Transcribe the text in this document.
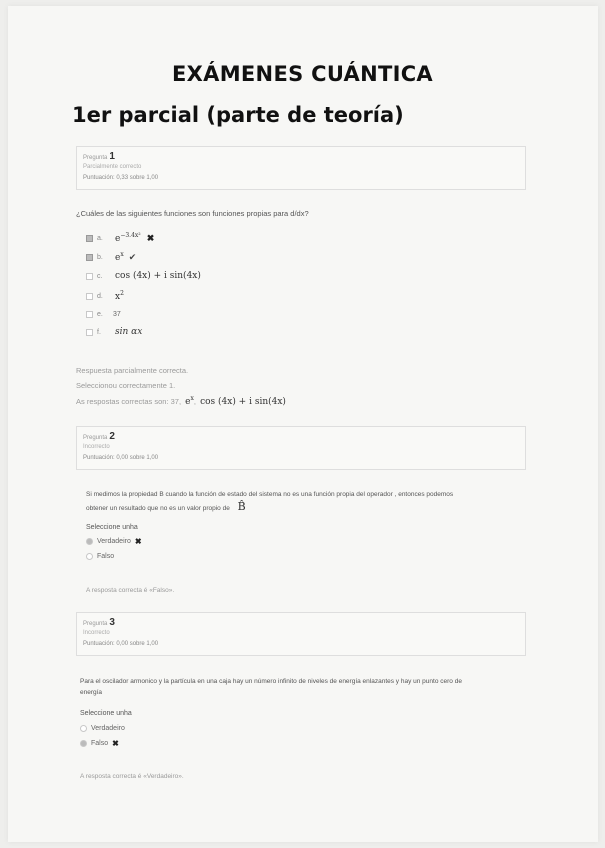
EXÁMENES CUÁNTICA
1er parcial (parte de teoría)
Pregunta 1
Parcialmente correcto
Puntuación: 0,33 sobre 1,00
¿Cuáles de las siguientes funciones son funciones propias para d/dx?
a.	$e^{-3.4x^2}$ ✖
b.	$e^x$ ✔
c.	cos (4x) + i sin(4x)
d.	$x^2$
e.	37
f.	sin αx
Respuesta parcialmente correcta.
Seleccionou correctamente 1.
As respostas correctas son: 37, $e^x$, cos (4x) + i sin(4x)
Pregunta 2
Incorrecto
Puntuación: 0,00 sobre 1,00
Si medimos la propiedad B cuando la función de estado del sistema no es una función propia del operador , entonces podemos
obtener un resultado que no es un valor propio de B̂
Seleccione unha
Verdadeiro ✖
Falso
A resposta correcta é «Falso».
Pregunta 3
Incorrecto
Puntuación: 0,00 sobre 1,00
Para el oscilador armonico y la partícula en una caja hay un número infinito de niveles de energía enlazantes y hay un punto cero de
energía
Seleccione unha
Verdadeiro
Falso ✖
A resposta correcta é «Verdadeiro».
